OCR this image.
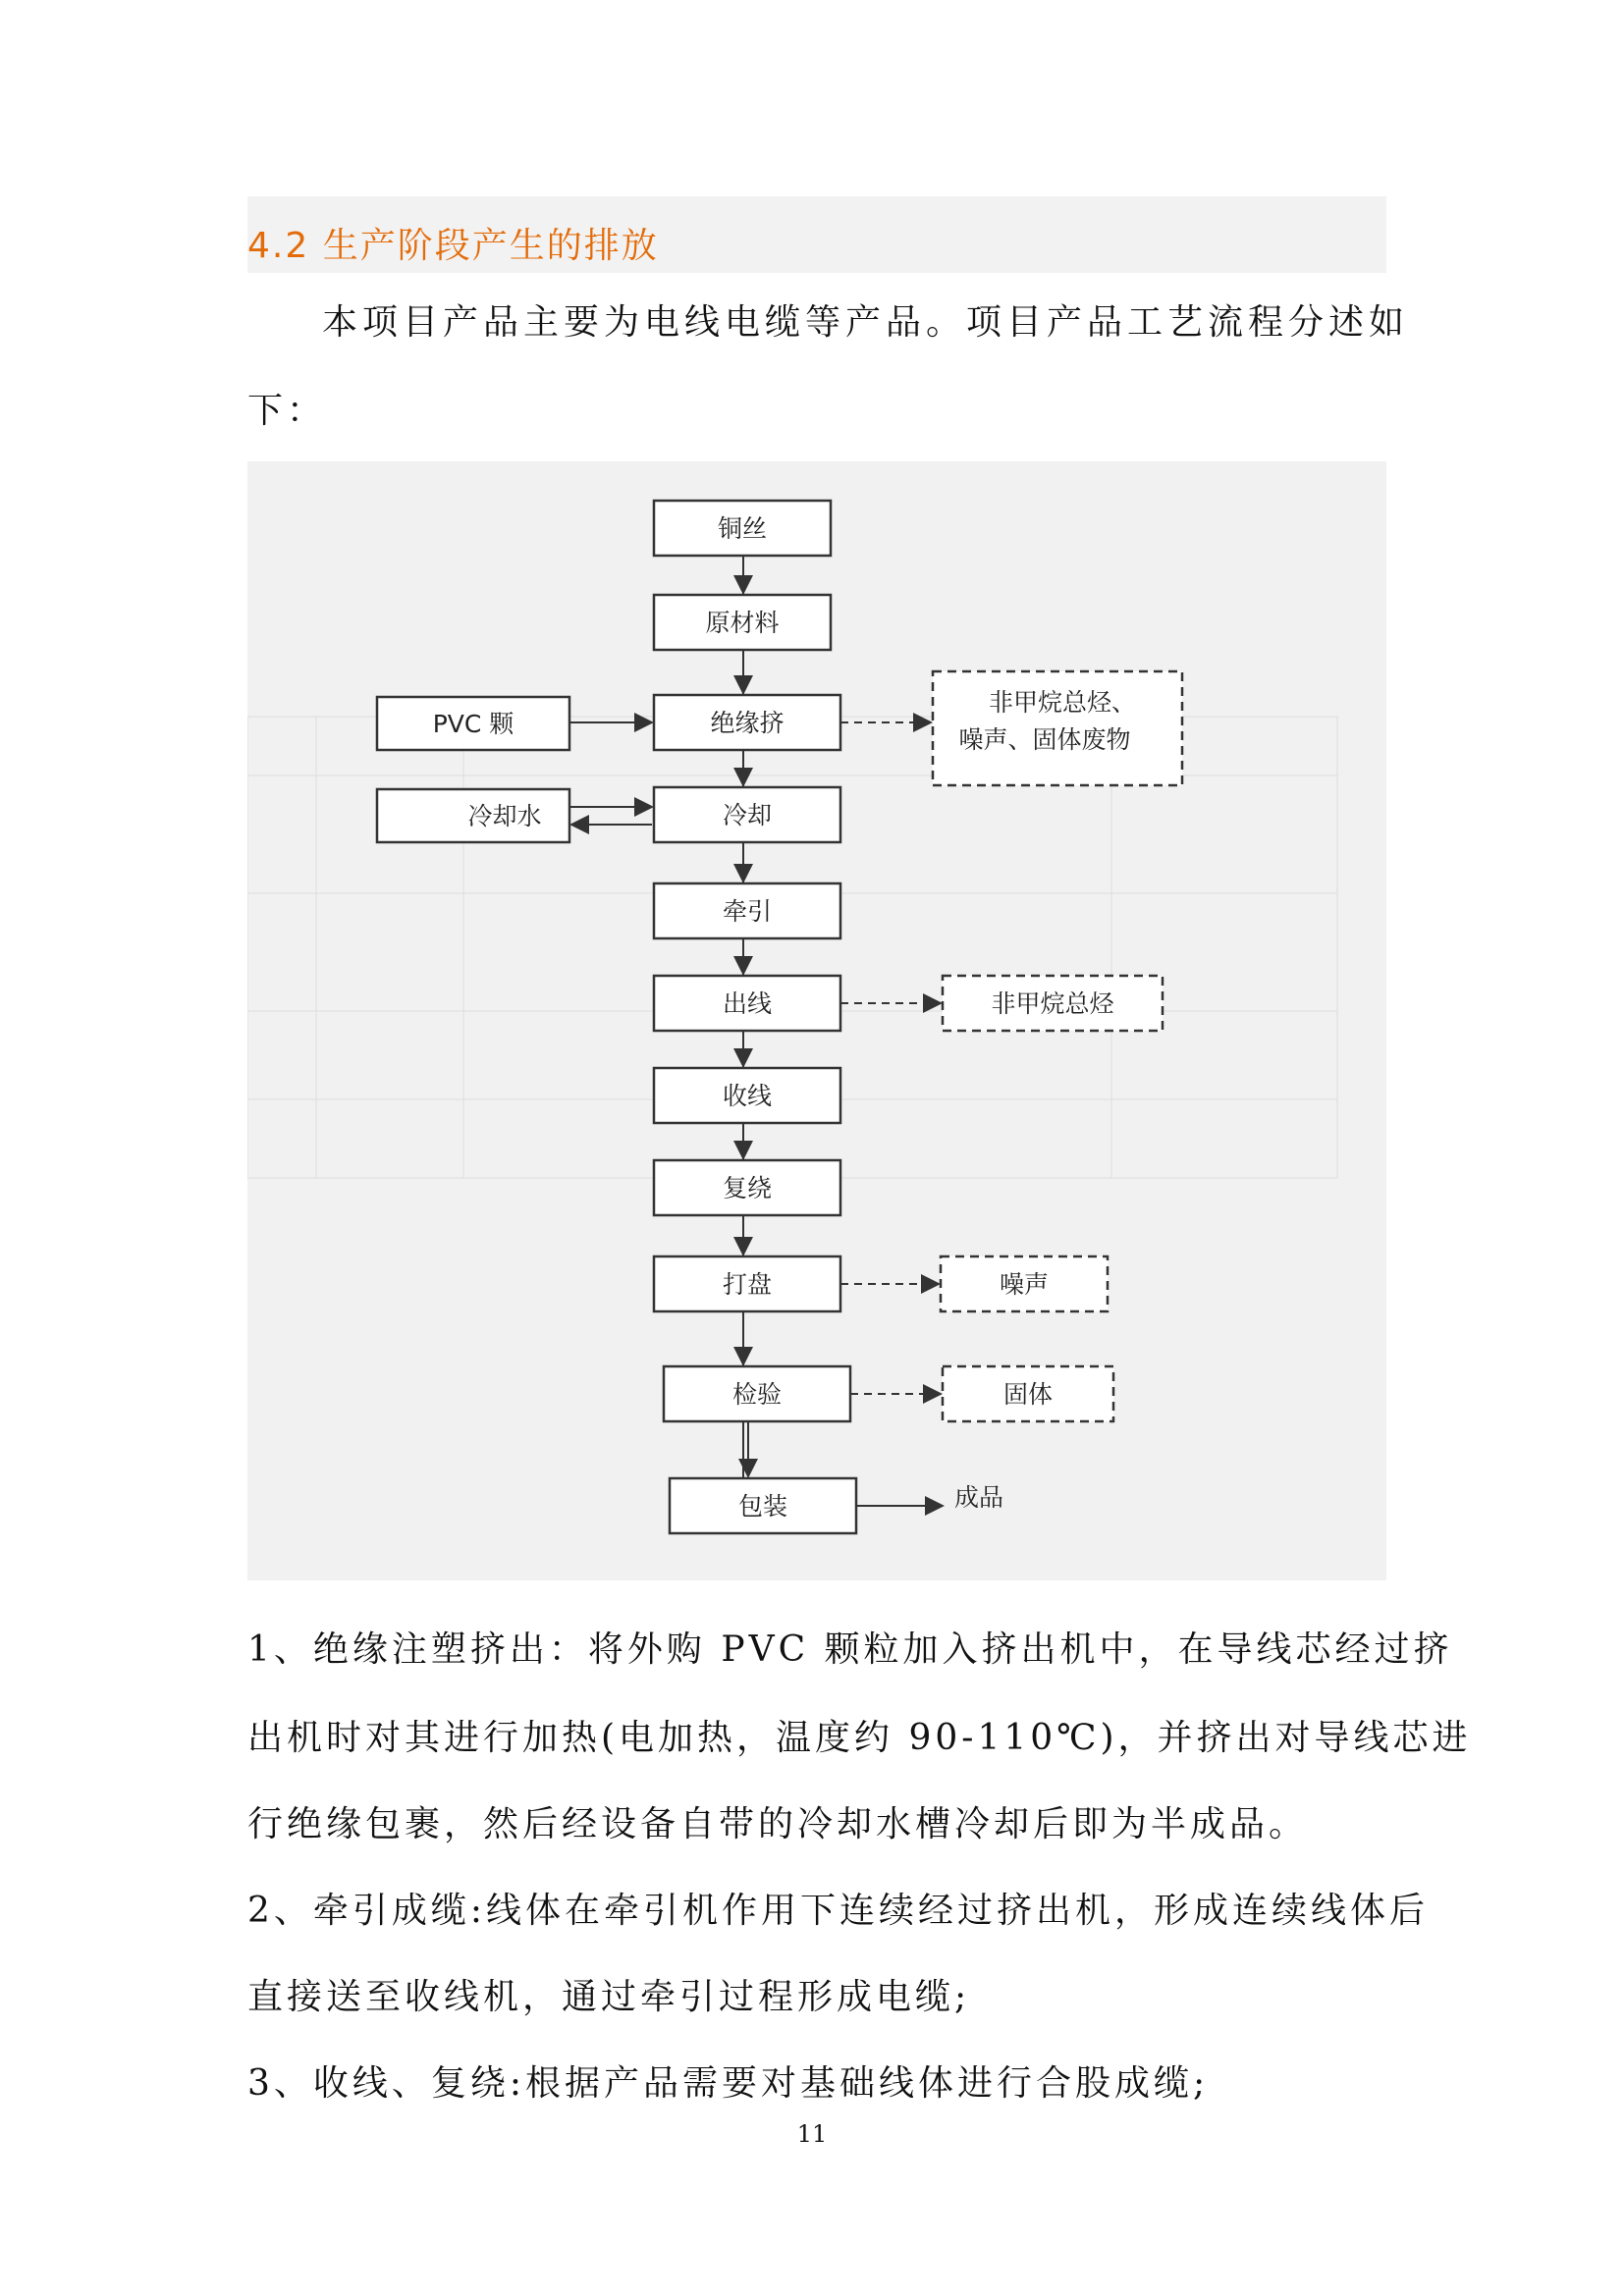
4.2 生产阶段产生的排放
本项目产品主要为电线电缆等产品。项目产品工艺流程分述如
下：
铜丝
原材料
绝缘挤
冷却
牵引
出线
收线
复绕
打盘
检验
包装
PVC 颗
冷却水
非甲烷总烃、
噪声、固体废物
非甲烷总烃
噪声
固体
成品
1、绝缘注塑挤出：将外购 PVC 颗粒加入挤出机中，在导线芯经过挤
出机时对其进行加热(电加热，温度约 90-110℃)，并挤出对导线芯进
行绝缘包裹，然后经设备自带的冷却水槽冷却后即为半成品。
2、牵引成缆:线体在牵引机作用下连续经过挤出机，形成连续线体后
直接送至收线机，通过牵引过程形成电缆;
3、收线、复绕:根据产品需要对基础线体进行合股成缆;
11
